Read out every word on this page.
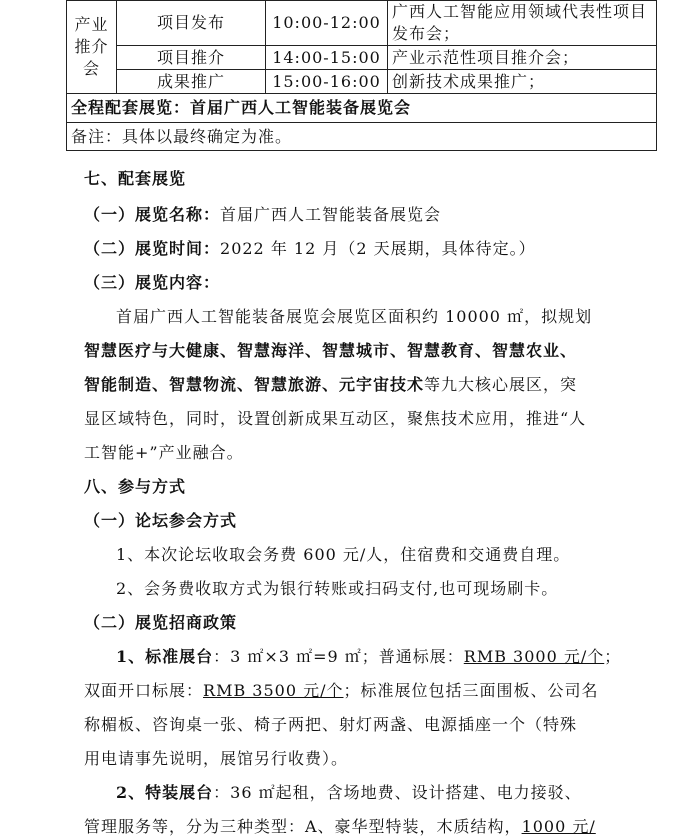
产业推介会	项目发布	10:00-12:00	广西人工智能应用领域代表性项目发布会；
	项目推介	14:00-15:00	产业示范性项目推介会；
	成果推广	15:00-16:00	创新技术成果推广；
全程配套展览：首届广西人工智能装备展览会			
备注：具体以最终确定为准。			
七、配套展览
（一）展览名称：首届广西人工智能装备展览会
（二）展览时间：2022 年 12 月（2 天展期，具体待定。）
（三）展览内容：
首届广西人工智能装备展览会展览区面积约 10000 ㎡，拟规划
智慧医疗与大健康、智慧海洋、智慧城市、智慧教育、智慧农业、
智能制造、智慧物流、智慧旅游、元宇宙技术等九大核心展区，突
显区域特色，同时，设置创新成果互动区，聚焦技术应用，推进“人
工智能+”产业融合。
八、参与方式
（一）论坛参会方式
1、本次论坛收取会务费 600 元/人，住宿费和交通费自理。
2、会务费收取方式为银行转账或扫码支付,也可现场刷卡。
（二）展览招商政策
1、标准展台：3 ㎡×3 ㎡=9 ㎡；普通标展：RMB 3000 元/个；
双面开口标展：RMB 3500 元/个；标准展位包括三面围板、公司名
称楣板、咨询桌一张、椅子两把、射灯两盏、电源插座一个（特殊
用电请事先说明，展馆另行收费）。
2、特装展台：36 ㎡起租，含场地费、设计搭建、电力接驳、
管理服务等，分为三种类型：A、豪华型特装，木质结构，1000 元/
